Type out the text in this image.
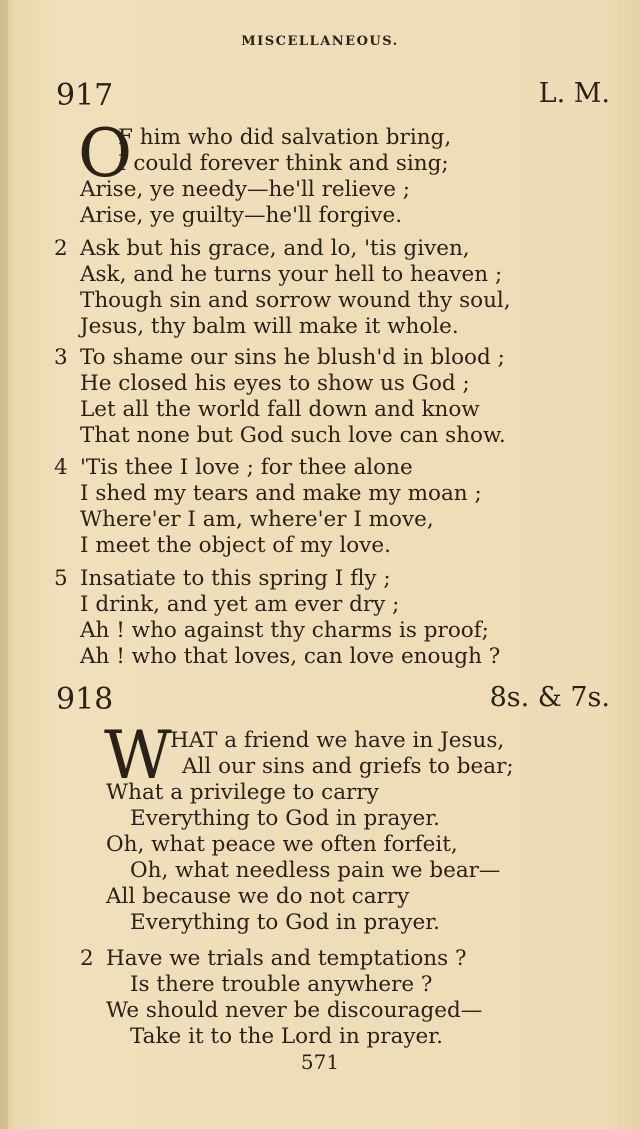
MISCELLANEOUS.
917	L. M.
O
F him who did salvation bring,
I could forever think and sing;
Arise, ye needy—he'll relieve ;
Arise, ye guilty—he'll forgive.
2 Ask but his grace, and lo, 'tis given,
Ask, and he turns your hell to heaven ;
Though sin and sorrow wound thy soul,
Jesus, thy balm will make it whole.
3 To shame our sins he blush'd in blood ;
He closed his eyes to show us God ;
Let all the world fall down and know
That none but God such love can show.
4 'Tis thee I love ; for thee alone
I shed my tears and make my moan ;
Where'er I am, where'er I move,
I meet the object of my love.
5 Insatiate to this spring I fly ;
I drink, and yet am ever dry ;
Ah ! who against thy charms is proof;
Ah ! who that loves, can love enough ?
918	8s. & 7s.
W
HAT a friend we have in Jesus,
All our sins and griefs to bear;
What a privilege to carry
Everything to God in prayer.
Oh, what peace we often forfeit,
Oh, what needless pain we bear—
All because we do not carry
Everything to God in prayer.
2 Have we trials and temptations ?
Is there trouble anywhere ?
We should never be discouraged—
Take it to the Lord in prayer.
571
